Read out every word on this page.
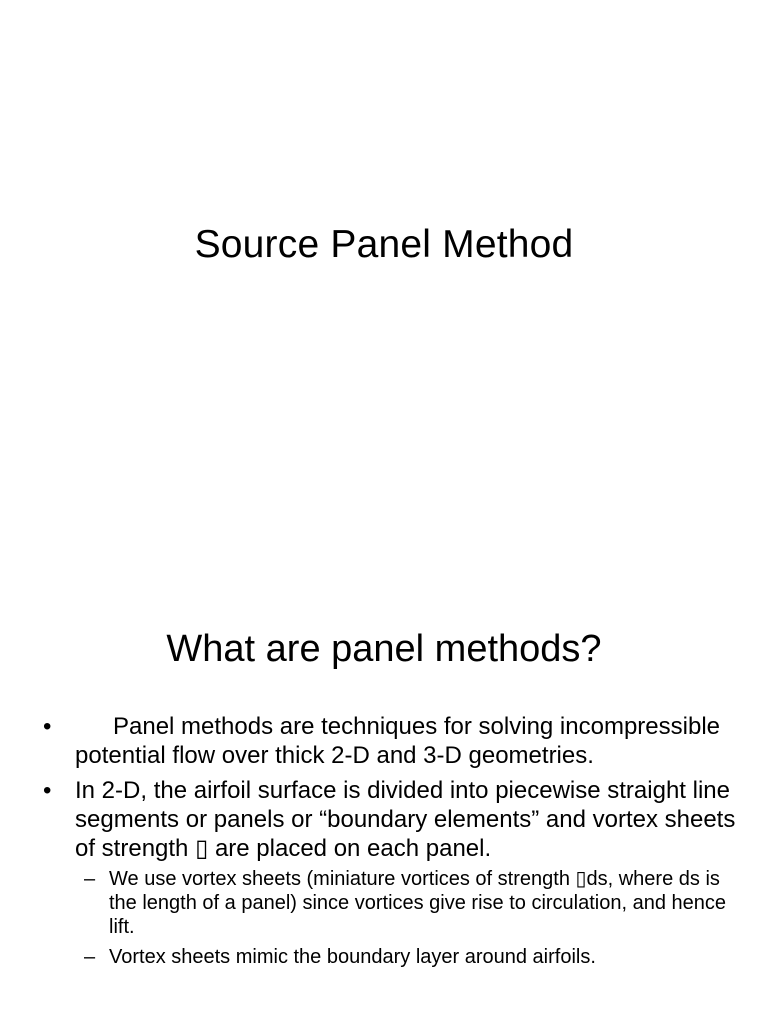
Source Panel Method
What are panel methods?
•	Panel methods are techniques for solving incompressible potential flow over thick 2-D and 3-D geometries.
• In 2-D, the airfoil surface is divided into piecewise straight line segments or panels or “boundary elements” and vortex sheets of strength ▯ are placed on each panel.
– We use vortex sheets (miniature vortices of strength ▯ds, where ds is the length of a panel) since vortices give rise to circulation, and hence lift.
– Vortex sheets mimic the boundary layer around airfoils.
